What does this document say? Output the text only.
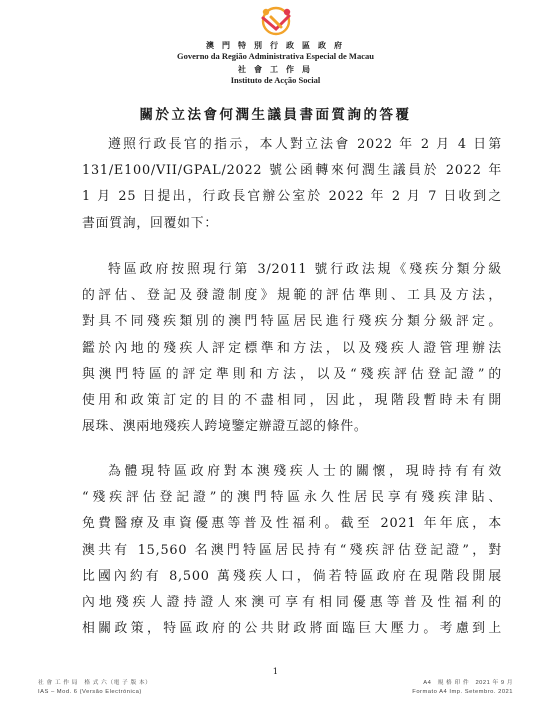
澳 門 特 別 行 政 區 政 府
Governo da Região Administrativa Especial de Macau
社 會 工 作 局
Instituto de Acção Social
關於立法會何潤生議員書面質詢的答覆
遵照行政長官的指示，本人對立法會 2022 年 2 月 4 日第
131/E100/VII/GPAL/2022 號公函轉來何潤生議員於 2022 年
1 月 25 日提出，行政長官辦公室於 2022 年 2 月 7 日收到之
書面質詢，回覆如下：
特區政府按照現行第 3/2011 號行政法規《殘疾分類分級
的評估、登記及發證制度》規範的評估準則、工具及方法，
對具不同殘疾類別的澳門特區居民進行殘疾分類分級評定。
鑑於內地的殘疾人評定標準和方法，以及殘疾人證管理辦法
與澳門特區的評定準則和方法，以及“殘疾評估登記證”的
使用和政策訂定的目的不盡相同，因此，現階段暫時未有開
展珠、澳兩地殘疾人跨境鑒定辦證互認的條件。
為體現特區政府對本澳殘疾人士的關懷，現時持有有效
“殘疾評估登記證”的澳門特區永久性居民享有殘疾津貼、
免費醫療及車資優惠等普及性福利。截至 2021 年年底，本
澳共有 15,560 名澳門特區居民持有“殘疾評估登記證”，對
比國內約有 8,500 萬殘疾人口，倘若特區政府在現階段開展
內地殘疾人證持證人來澳可享有相同優惠等普及性福利的
相關政策，特區政府的公共財政將面臨巨大壓力。考慮到上
1
社 會 工 作 局　格 式 六（電 子 版 本）
IAS – Mod. 6 (Versão Electrónica)
A4　規 格 印 件　2021 年 9 月
Formato A4 Imp. Setembro. 2021
